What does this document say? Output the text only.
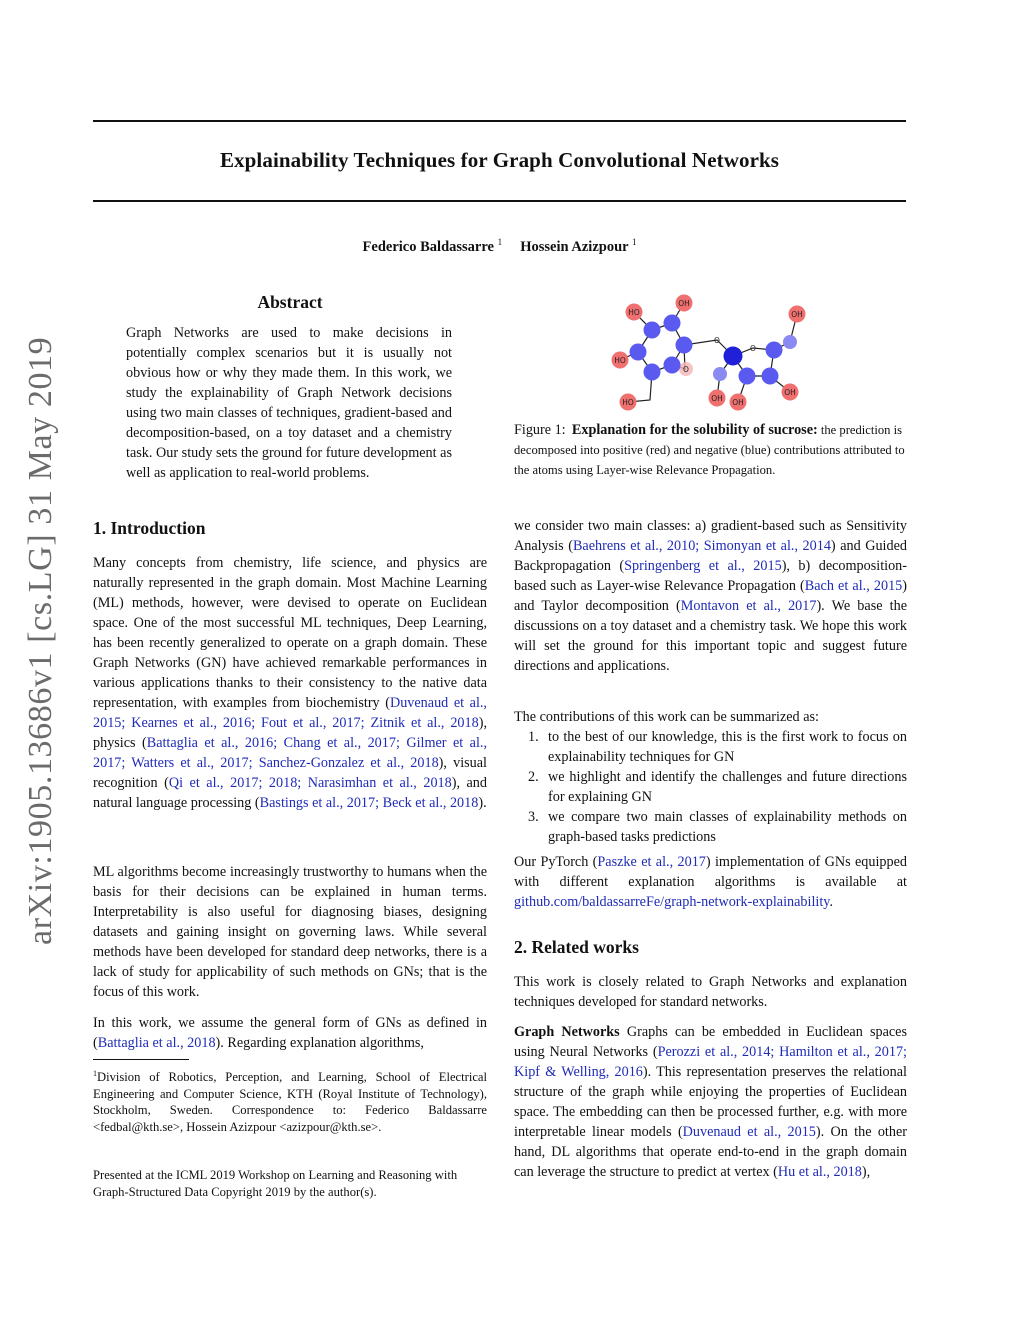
arXiv:1905.13686v1 [cs.LG] 31 May 2019
Explainability Techniques for Graph Convolutional Networks
Federico Baldassarre $^1$ Hossein Azizpour $^1$
Abstract
Graph Networks are used to make decisions in potentially complex scenarios but it is usually not obvious how or why they made them. In this work, we study the explainability of Graph Network decisions using two main classes of techniques, gradient-based and decomposition-based, on a toy dataset and a chemistry task. Our study sets the ground for future development as well as application to real-world problems.
1. Introduction

Many concepts from chemistry, life science, and physics are naturally represented in the graph domain. Most Machine Learning (ML) methods, however, were devised to operate on Euclidean space. One of the most successful ML techniques, Deep Learning, has been recently generalized to operate on a graph domain. These Graph Networks (GN) have achieved remarkable performances in various applications thanks to their consistency to the native data representation, with examples from biochemistry (Duvenaud et al., 2015; Kearnes et al., 2016; Fout et al., 2017; Zitnik et al., 2018), physics (Battaglia et al., 2016; Chang et al., 2017; Gilmer et al., 2017; Watters et al., 2017; Sanchez-Gonzalez et al., 2018), visual recognition (Qi et al., 2017; 2018; Narasimhan et al., 2018), and natural language processing (Bastings et al., 2017; Beck et al., 2018).

ML algorithms become increasingly trustworthy to humans when the basis for their decisions can be explained in human terms. Interpretability is also useful for diagnosing biases, designing datasets and gaining insight on governing laws. While several methods have been developed for standard deep networks, there is a lack of study for applicability of such methods on GNs; that is the focus of this work.

In this work, we assume the general form of GNs as defined in (Battaglia et al., 2018). Regarding explanation algorithms,

$^1$Division of Robotics, Perception, and Learning, School of Electrical Engineering and Computer Science, KTH (Royal Institute of Technology), Stockholm, Sweden. Correspondence to: Federico Baldassarre <fedbal@kth.se>, Hossein Azizpour <azizpour@kth.se>.
Presented at the ICML 2019 Workshop on Learning and Reasoning with Graph-Structured Data Copyright 2019 by the author(s).
HO
OH
OH
HO
O
O
O
HO	OH OH
OH
Figure 1: Explanation for the solubility of sucrose: the prediction is decomposed into positive (red) and negative (blue) contributions attributed to the atoms using Layer-wise Relevance Propagation.

we consider two main classes: a) gradient-based such as Sensitivity Analysis (Baehrens et al., 2010; Simonyan et al., 2014) and Guided Backpropagation (Springenberg et al., 2015), b) decomposition-based such as Layer-wise Relevance Propagation (Bach et al., 2015) and Taylor decomposition (Montavon et al., 2017). We base the discussions on a toy dataset and a chemistry task. We hope this work will set the ground for this important topic and suggest future directions and applications.

The contributions of this work can be summarized as:

1. to the best of our knowledge, this is the first work to focus on explainability techniques for GN
2. we highlight and identify the challenges and future directions for explaining GN
3. we compare two main classes of explainability methods on graph-based tasks predictions

Our PyTorch (Paszke et al., 2017) implementation of GNs equipped with different explanation algorithms is available at github.com/baldassarreFe/graph-network-explainability.

2. Related works

This work is closely related to Graph Networks and explanation techniques developed for standard networks.

Graph Networks Graphs can be embedded in Euclidean spaces using Neural Networks (Perozzi et al., 2014; Hamilton et al., 2017; Kipf & Welling, 2016). This representation preserves the relational structure of the graph while enjoying the properties of Euclidean space. The embedding can then be processed further, e.g. with more interpretable linear models (Duvenaud et al., 2015). On the other hand, DL algorithms that operate end-to-end in the graph domain can leverage the structure to predict at vertex (Hu et al., 2018),
